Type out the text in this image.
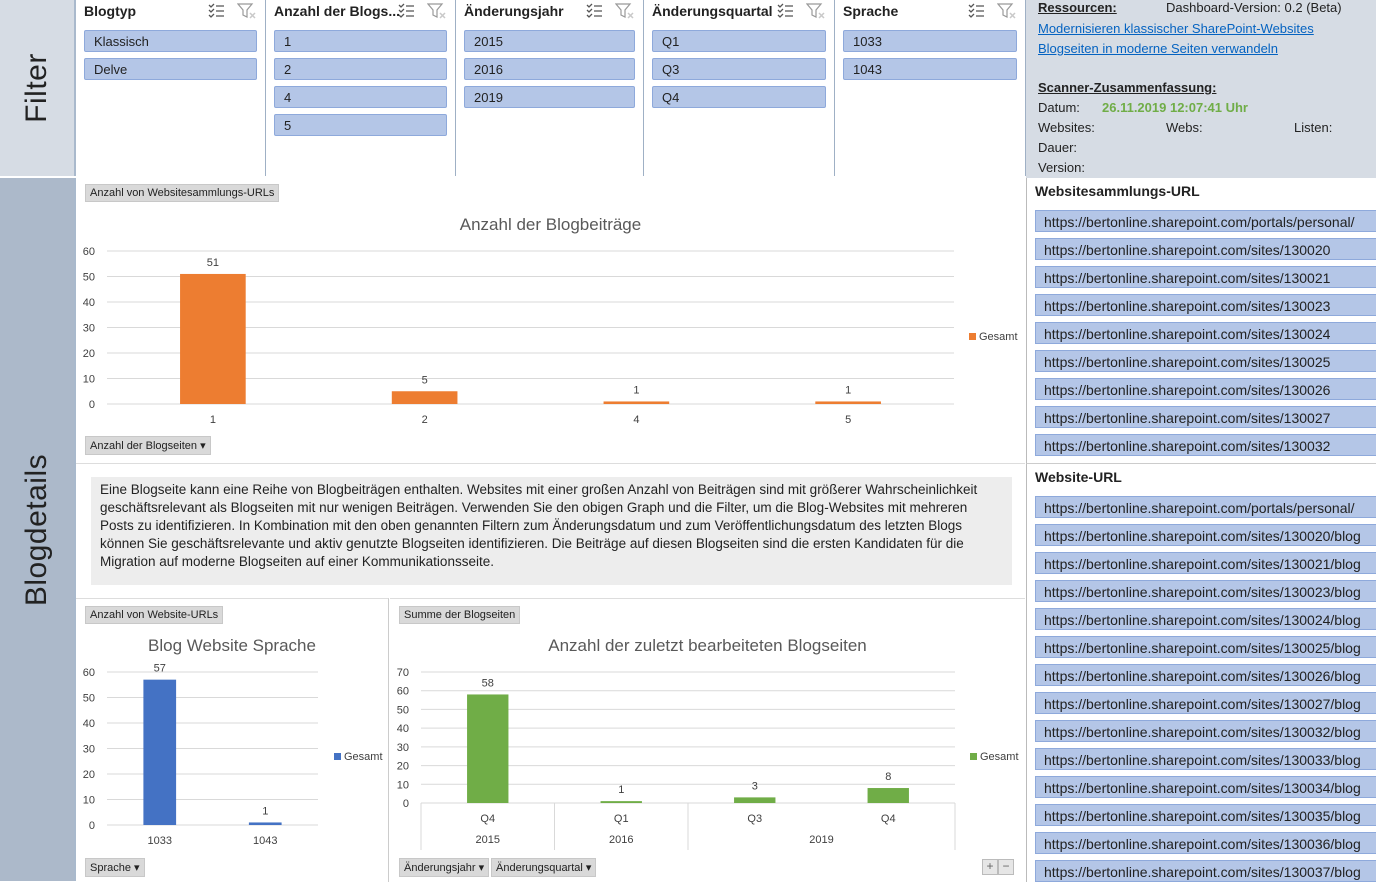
Filter
Blogdetails
Blogtyp
Klassisch
Delve
Anzahl der Blogs...
1
2
4
5
Änderungsjahr
2015
2016
2019
Änderungsquartal
Q1
Q3
Q4
Sprache
1033
1043
Ressourcen:	Dashboard-Version: 0.2 (Beta)
Modernisieren klassischer SharePoint-Websites
Blogseiten in moderne Seiten verwandeln
Scanner-Zusammenfassung:
Datum: 26.11.2019 12:07:41 Uhr
Websites:	Webs:	Listen:
Dauer:
Version:
Websitesammlungs-URL
https://bertonline.sharepoint.com/portals/personal/
https://bertonline.sharepoint.com/sites/130020
https://bertonline.sharepoint.com/sites/130021
https://bertonline.sharepoint.com/sites/130023
https://bertonline.sharepoint.com/sites/130024
https://bertonline.sharepoint.com/sites/130025
https://bertonline.sharepoint.com/sites/130026
https://bertonline.sharepoint.com/sites/130027
https://bertonline.sharepoint.com/sites/130032
Website-URL
https://bertonline.sharepoint.com/portals/personal/
https://bertonline.sharepoint.com/sites/130020/blog
https://bertonline.sharepoint.com/sites/130021/blog
https://bertonline.sharepoint.com/sites/130023/blog
https://bertonline.sharepoint.com/sites/130024/blog
https://bertonline.sharepoint.com/sites/130025/blog
https://bertonline.sharepoint.com/sites/130026/blog
https://bertonline.sharepoint.com/sites/130027/blog
https://bertonline.sharepoint.com/sites/130032/blog
https://bertonline.sharepoint.com/sites/130033/blog
https://bertonline.sharepoint.com/sites/130034/blog
https://bertonline.sharepoint.com/sites/130035/blog
https://bertonline.sharepoint.com/sites/130036/blog
https://bertonline.sharepoint.com/sites/130037/blog
Anzahl von Websitesammlungs-URLs
Anzahl der Blogbeiträge
Anzahl der Blogseiten ▾
0
10
20
30
40
50
60
51
1
5
2
1
4
1
5
Gesamt
Eine Blogseite kann eine Reihe von Blogbeiträgen enthalten. Websites mit einer großen Anzahl von Beiträgen sind mit größerer Wahrscheinlichkeit geschäftsrelevant als Blogseiten mit nur wenigen Beiträgen. Verwenden Sie den obigen Graph und die Filter, um die Blog-Websites mit mehreren Posts zu identifizieren. In Kombination mit den oben genannten Filtern zum Änderungsdatum und zum Veröffentlichungsdatum des letzten Blogs können Sie geschäftsrelevante und aktiv genutzte Blogseiten identifizieren. Die Beiträge auf diesen Blogseiten sind die ersten Kandidaten für die Migration auf moderne Blogseiten auf einer Kommunikationsseite.
Anzahl von Website-URLs
Blog Website Sprache
Sprache ▾
0
10
20
30
40
50
60	57
1033
1
1043
Gesamt
Summe der Blogseiten
Anzahl der zuletzt bearbeiteten Blogseiten
Änderungsjahr ▾	Änderungsquartal ▾	+ −
0
10
20
30
40
50
60
70
58
Q4
1
Q1
3
Q3
8
Q4
Gesamt
2015	2016	2019
